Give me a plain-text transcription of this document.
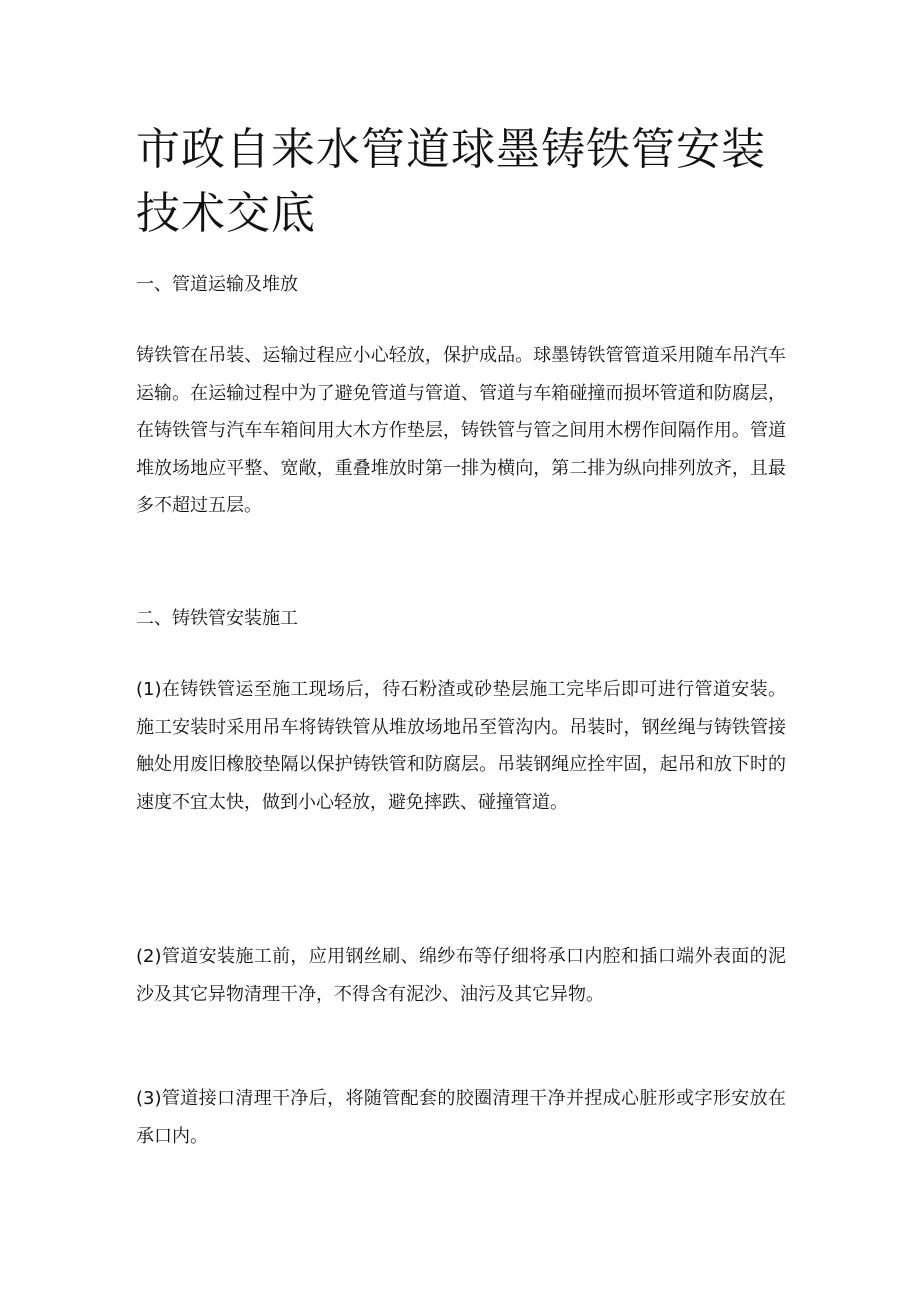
市政自来水管道球墨铸铁管安装技术交底

一、管道运输及堆放

铸铁管在吊装、运输过程应小心轻放，保护成品。球墨铸铁管管道采用随车吊汽车运输。在运输过程中为了避免管道与管道、管道与车箱碰撞而损坏管道和防腐层，在铸铁管与汽车车箱间用大木方作垫层，铸铁管与管之间用木楞作间隔作用。管道堆放场地应平整、宽敞，重叠堆放时第一排为横向，第二排为纵向排列放齐，且最多不超过五层。

二、铸铁管安装施工

(1)在铸铁管运至施工现场后，待石粉渣或砂垫层施工完毕后即可进行管道安装。施工安装时采用吊车将铸铁管从堆放场地吊至管沟内。吊装时，钢丝绳与铸铁管接触处用废旧橡胶垫隔以保护铸铁管和防腐层。吊装钢绳应拴牢固，起吊和放下时的速度不宜太快，做到小心轻放，避免摔跌、碰撞管道。

(2)管道安装施工前，应用钢丝刷、绵纱布等仔细将承口内腔和插口端外表面的泥沙及其它异物清理干净，不得含有泥沙、油污及其它异物。

(3)管道接口清理干净后，将随管配套的胶圈清理干净并捏成心脏形或字形安放在承口内。
